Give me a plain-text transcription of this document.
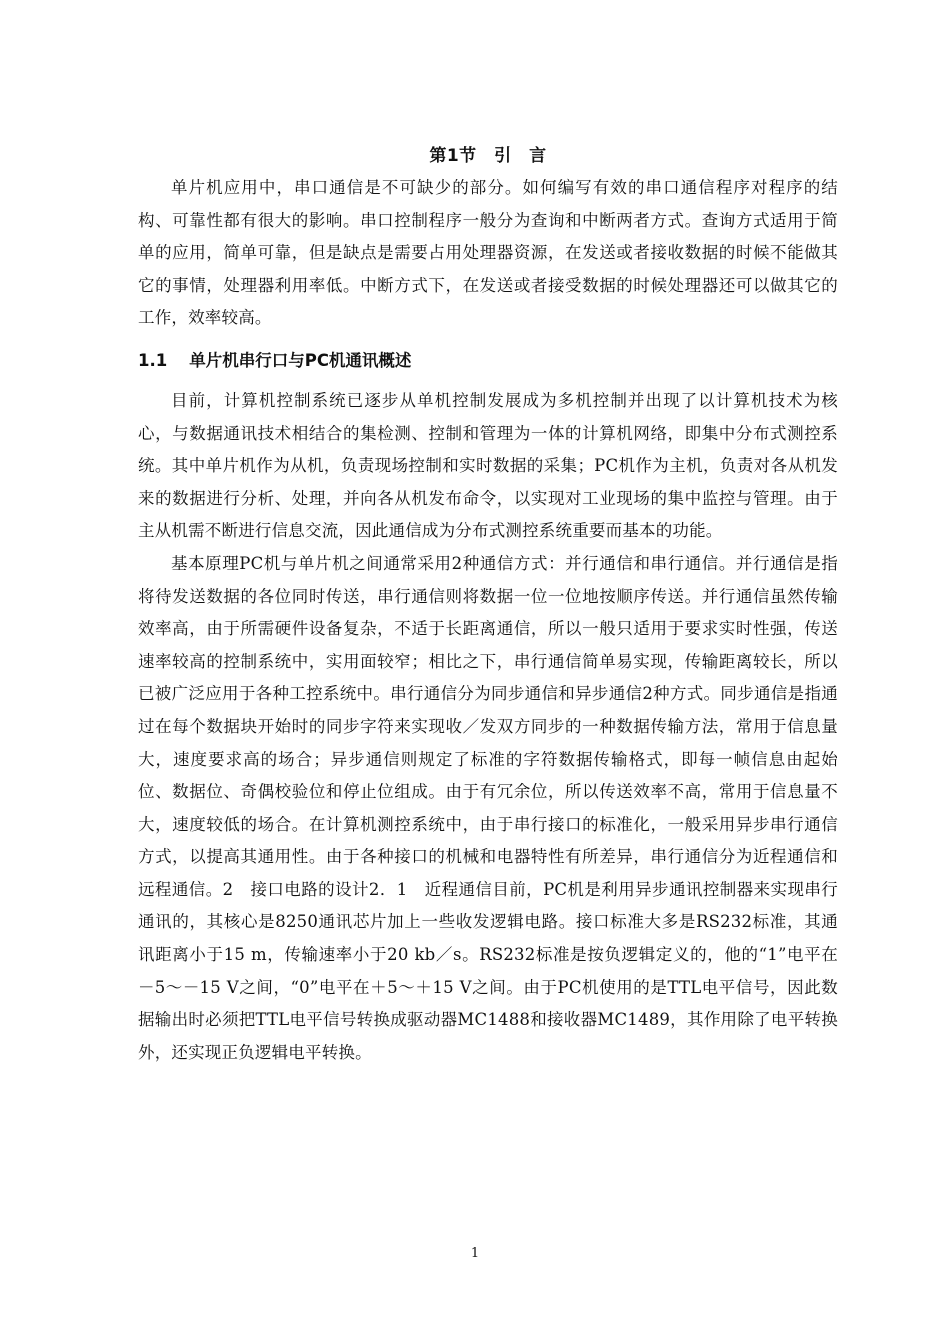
第1节　引　言

单片机应用中，串口通信是不可缺少的部分。如何编写有效的串口通信程序对程序的结构、可靠性都有很大的影响。串口控制程序一般分为查询和中断两者方式。查询方式适用于简单的应用，简单可靠，但是缺点是需要占用处理器资源，在发送或者接收数据的时候不能做其它的事情，处理器利用率低。中断方式下，在发送或者接受数据的时候处理器还可以做其它的工作，效率较高。

1.1 单片机串行口与PC机通讯概述

目前，计算机控制系统已逐步从单机控制发展成为多机控制并出现了以计算机技术为核心，与数据通讯技术相结合的集检测、控制和管理为一体的计算机网络，即集中分布式测控系统。其中单片机作为从机，负责现场控制和实时数据的采集；PC机作为主机，负责对各从机发来的数据进行分析、处理，并向各从机发布命令，以实现对工业现场的集中监控与管理。由于主从机需不断进行信息交流，因此通信成为分布式测控系统重要而基本的功能。

基本原理PC机与单片机之间通常采用2种通信方式：并行通信和串行通信。并行通信是指将待发送数据的各位同时传送，串行通信则将数据一位一位地按顺序传送。并行通信虽然传输效率高，由于所需硬件设备复杂，不适于长距离通信，所以一般只适用于要求实时性强，传送速率较高的控制系统中，实用面较窄；相比之下，串行通信简单易实现，传输距离较长，所以已被广泛应用于各种工控系统中。串行通信分为同步通信和异步通信2种方式。同步通信是指通过在每个数据块开始时的同步字符来实现收／发双方同步的一种数据传输方法，常用于信息量大，速度要求高的场合；异步通信则规定了标准的字符数据传输格式，即每一帧信息由起始位、数据位、奇偶校验位和停止位组成。由于有冗余位，所以传送效率不高，常用于信息量不大，速度较低的场合。在计算机测控系统中，由于串行接口的标准化，一般采用异步串行通信方式，以提高其通用性。由于各种接口的机械和电器特性有所差异，串行通信分为近程通信和远程通信。2　接口电路的设计2．1　近程通信目前，PC机是利用异步通讯控制器来实现串行通讯的，其核心是8250通讯芯片加上一些收发逻辑电路。接口标准大多是RS232标准，其通讯距离小于15 m，传输速率小于20 kb／s。RS232标准是按负逻辑定义的，他的“1”电平在－5～－15 V之间，“0”电平在＋5～＋15 V之间。由于PC机使用的是TTL电平信号，因此数据输出时必须把TTL电平信号转换成驱动器MC1488和接收器MC1489，其作用除了电平转换外，还实现正负逻辑电平转换。

1
